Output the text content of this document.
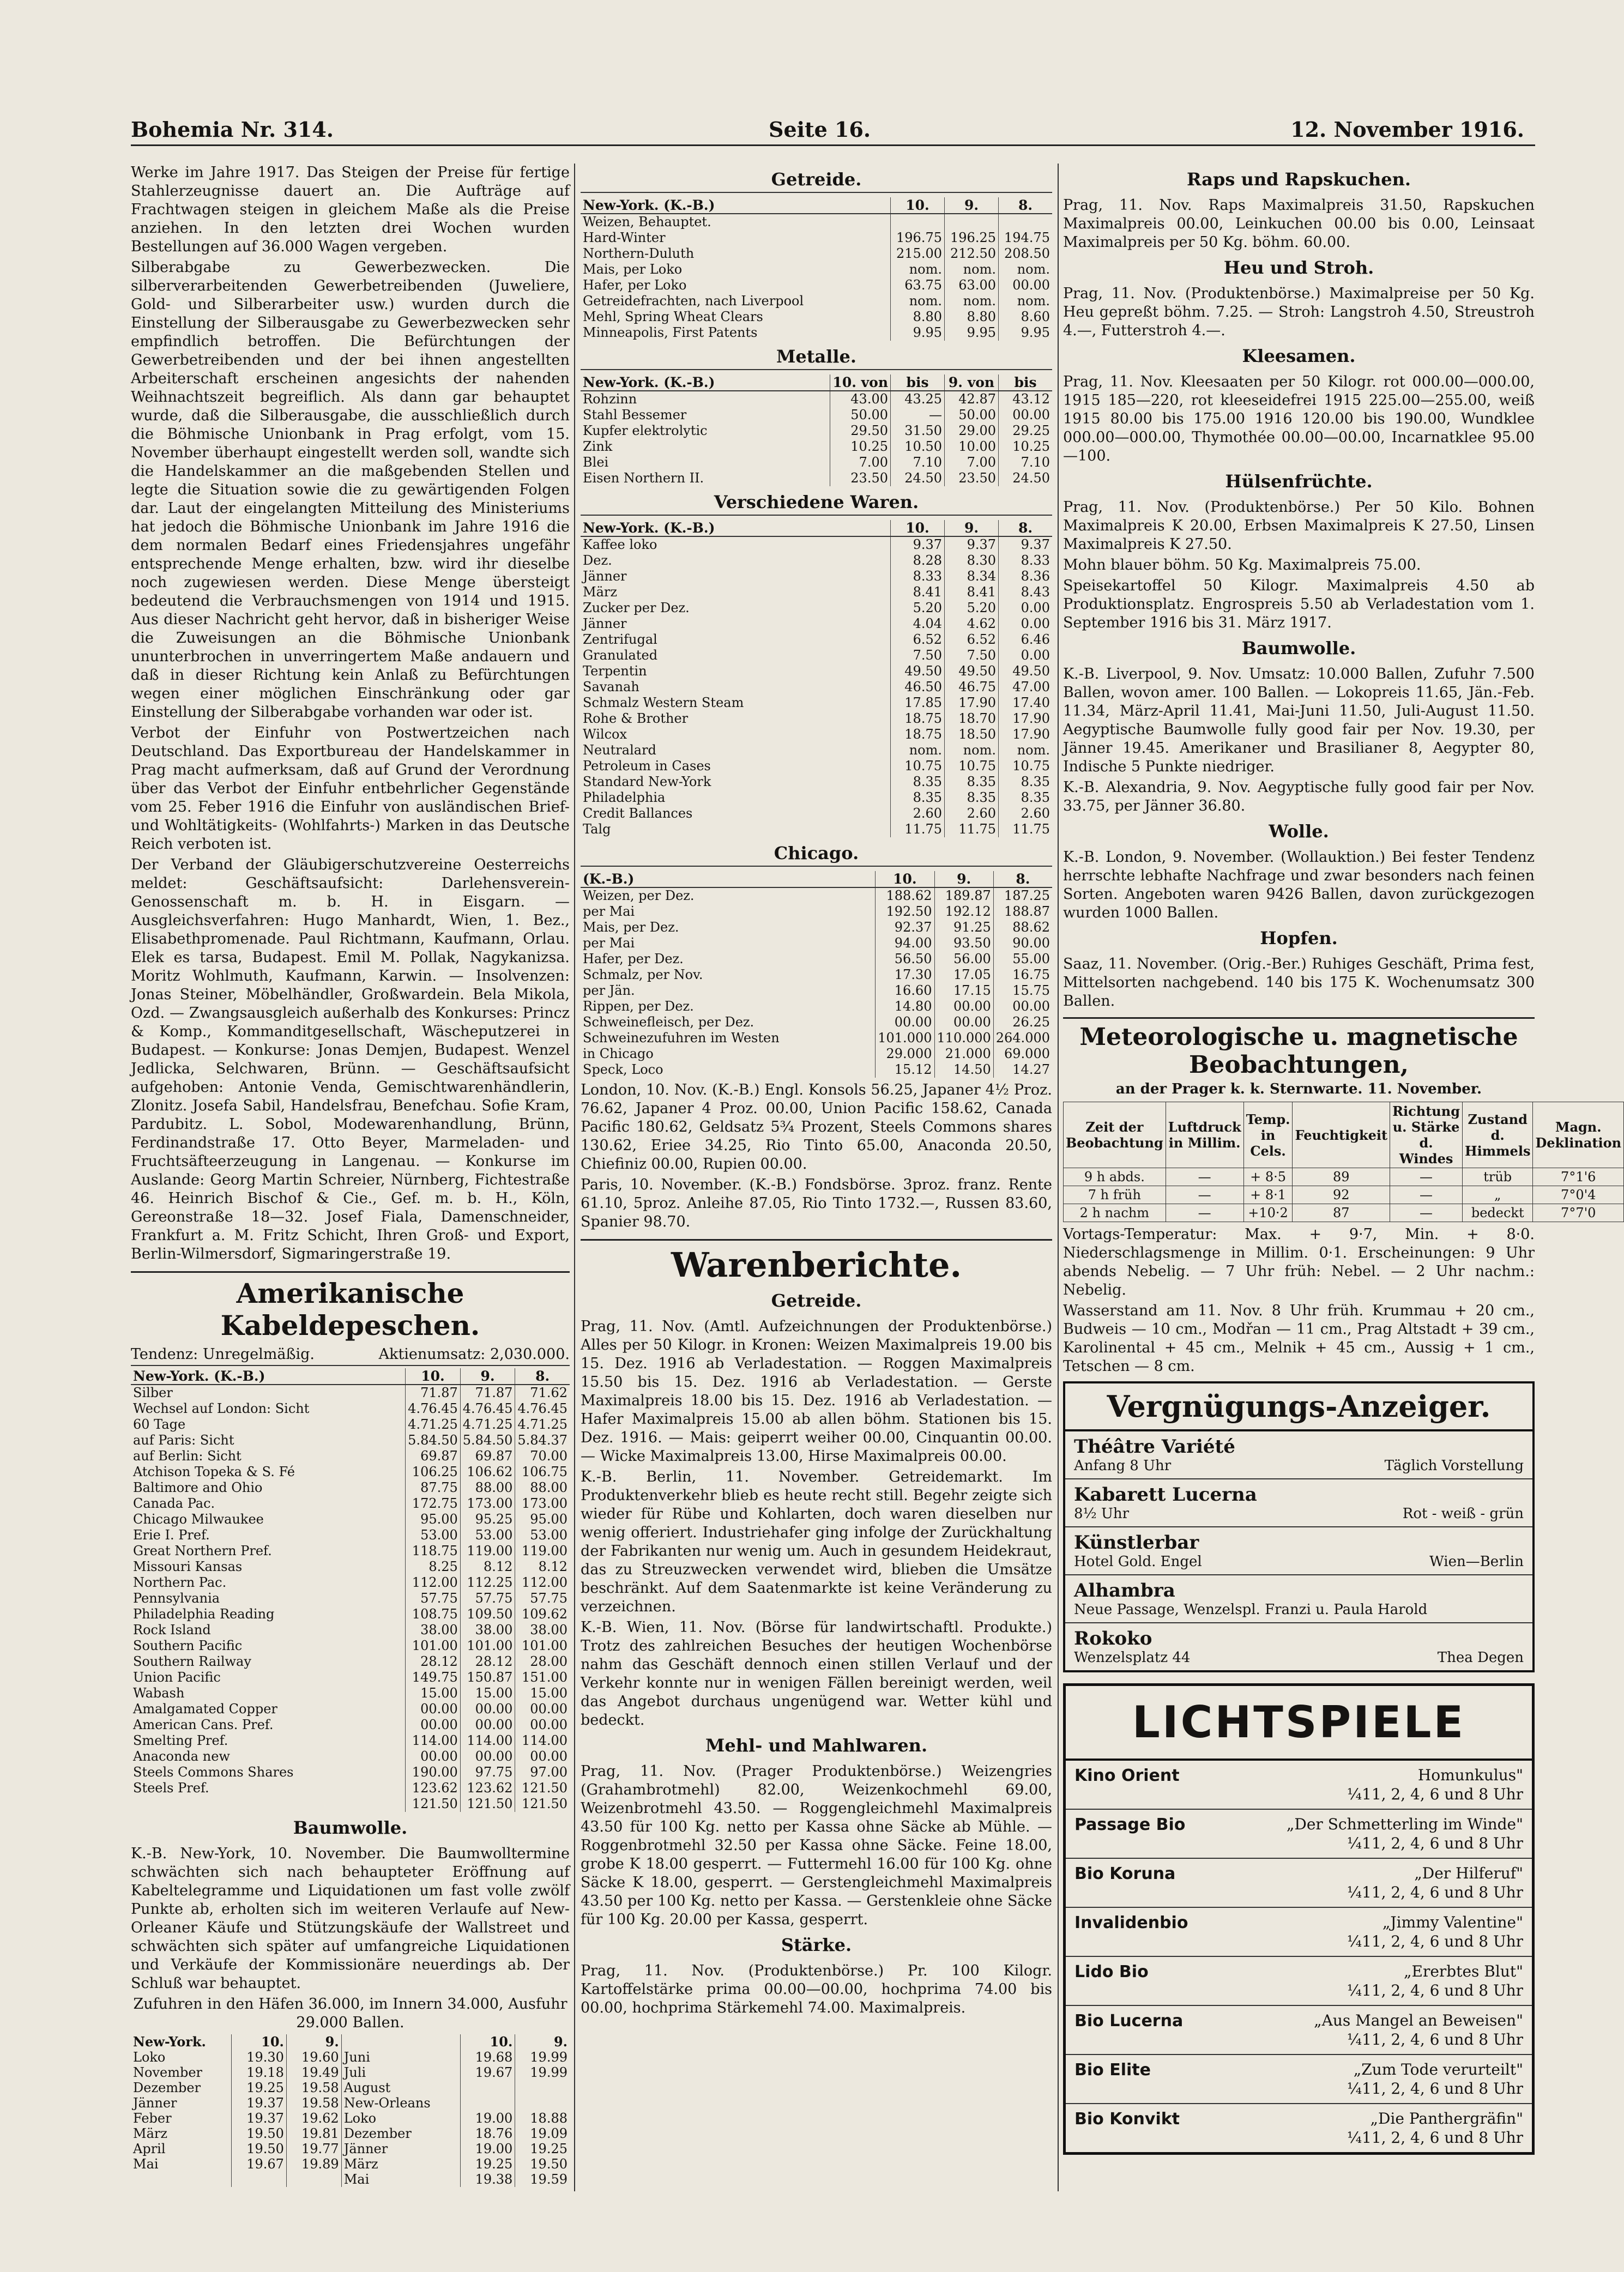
Bohemia Nr. 314.	Seite 16.	12. November 1916.

Werke im Jahre 1917. Das Steigen der Preise für fertige Stahlerzeugnisse dauert an. Die Aufträge auf Frachtwagen steigen in gleichem Maße als die Preise anziehen. In den letzten drei Wochen wurden Bestellungen auf 36.000 Wagen vergeben.

Silberabgabe zu Gewerbezwecken. Die silberverarbeitenden Gewerbetreibenden (Juweliere, Gold- und Silberarbeiter usw.) wurden durch die Einstellung der Silberausgabe zu Gewerbezwecken sehr empfindlich betroffen. Die Befürchtungen der Gewerbetreibenden und der bei ihnen angestellten Arbeiterschaft erscheinen angesichts der nahenden Weihnachtszeit begreiflich. Als dann gar behauptet wurde, daß die Silberausgabe, die ausschließlich durch die Böhmische Unionbank in Prag erfolgt, vom 15. November überhaupt eingestellt werden soll, wandte sich die Handelskammer an die maßgebenden Stellen und legte die Situation sowie die zu gewärtigenden Folgen dar. Laut der eingelangten Mitteilung des Ministeriums hat jedoch die Böhmische Unionbank im Jahre 1916 die dem normalen Bedarf eines Friedensjahres ungefähr entsprechende Menge erhalten, bzw. wird ihr dieselbe noch zugewiesen werden. Diese Menge übersteigt bedeutend die Verbrauchsmengen von 1914 und 1915. Aus dieser Nachricht geht hervor, daß in bisheriger Weise die Zuweisungen an die Böhmische Unionbank ununterbrochen in unverringertem Maße andauern und daß in dieser Richtung kein Anlaß zu Befürchtungen wegen einer möglichen Einschränkung oder gar Einstellung der Silberabgabe vorhanden war oder ist.

Verbot der Einfuhr von Postwertzeichen nach Deutschland. Das Exportbureau der Handelskammer in Prag macht aufmerksam, daß auf Grund der Verordnung über das Verbot der Einfuhr entbehrlicher Gegenstände vom 25. Feber 1916 die Einfuhr von ausländischen Brief- und Wohltätigkeits- (Wohlfahrts-) Marken in das Deutsche Reich verboten ist.

Der Verband der Gläubigerschutzvereine Oesterreichs meldet: Geschäftsaufsicht: Darlehensverein-Genossenschaft m. b. H. in Eisgarn. — Ausgleichsverfahren: Hugo Manhardt, Wien, 1. Bez., Elisabethpromenade. Paul Richtmann, Kaufmann, Orlau. Elek es tarsa, Budapest. Emil M. Pollak, Nagykanizsa. Moritz Wohlmuth, Kaufmann, Karwin. — Insolvenzen: Jonas Steiner, Möbelhändler, Großwardein. Bela Mikola, Ozd. — Zwangsausgleich außerhalb des Konkurses: Princz & Komp., Kommanditgesellschaft, Wäscheputzerei in Budapest. — Konkurse: Jonas Demjen, Budapest. Wenzel Jedlicka, Selchwaren, Brünn. — Geschäftsaufsicht aufgehoben: Antonie Venda, Gemischtwarenhändlerin, Zlonitz. Josefa Sabil, Handelsfrau, Benefchau. Sofie Kram, Pardubitz. L. Sobol, Modewarenhandlung, Brünn, Ferdinandstraße 17. Otto Beyer, Marmeladen- und Fruchtsäfteerzeugung in Langenau. — Konkurse im Auslande: Georg Martin Schreier, Nürnberg, Fichtestraße 46. Heinrich Bischof & Cie., Gef. m. b. H., Köln, Gereonstraße 18—32. Josef Fiala, Damenschneider, Frankfurt a. M. Fritz Schicht, Ihren Groß- und Export, Berlin-Wilmersdorf, Sigmaringerstraße 19.

Amerikanische Kabeldepeschen.
Tendenz: Unregelmäßig.	Aktienumsatz: 2,030.000.
New-York. (K.-B.)	10.	9.	8.
Silber	71.87	71.87	71.62
Wechsel auf London: Sicht	4.76.45	4.76.45	4.76.45
60 Tage	4.71.25	4.71.25	4.71.25
auf Paris: Sicht	5.84.50	5.84.50	5.84.37
auf Berlin: Sicht	69.87	69.87	70.00
Atchison Topeka & S. Fé	106.25	106.62	106.75
Baltimore and Ohio	87.75	88.00	88.00
Canada Pac.	172.75	173.00	173.00
Chicago Milwaukee	95.00	95.25	95.00
Erie I. Pref.	53.00	53.00	53.00
Great Northern Pref.	118.75	119.00	119.00
Missouri Kansas	8.25	8.12	8.12
Northern Pac.	112.00	112.25	112.00
Pennsylvania	57.75	57.75	57.75
Philadelphia Reading	108.75	109.50	109.62
Rock Island	38.00	38.00	38.00
Southern Pacific	101.00	101.00	101.00
Southern Railway	28.12	28.12	28.00
Union Pacific	149.75	150.87	151.00
Wabash	15.00	15.00	15.00
Amalgamated Copper	00.00	00.00	00.00
American Cans. Pref.	00.00	00.00	00.00
Smelting Pref.	114.00	114.00	114.00
Anaconda new	00.00	00.00	00.00
Steels Commons Shares	190.00	97.75	97.00
Steels Pref.	123.62	123.62	121.50
	121.50	121.50	121.50
Baumwolle.

K.-B. New-York, 10. November. Die Baumwolltermine schwächten sich nach behaupteter Eröffnung auf Kabeltelegramme und Liquidationen um fast volle zwölf Punkte ab, erholten sich im weiteren Verlaufe auf New-Orleaner Käufe und Stützungskäufe der Wallstreet und schwächten sich später auf umfangreiche Liquidationen und Verkäufe der Kommissionäre neuerdings ab. Der Schluß war behauptet.

Zufuhren in den Häfen 36.000, im Innern 34.000, Ausfuhr 29.000 Ballen.

New-York.	10.	9.		10.	9.
Loko	19.30	19.60	Juni	19.68	19.99
November	19.18	19.49	Juli	19.67	19.99
Dezember	19.25	19.58	August		
Jänner	19.37	19.58	New-Orleans		
Feber	19.37	19.62	Loko	19.00	18.88
März	19.50	19.81	Dezember	18.76	19.09
April	19.50	19.77	Jänner	19.00	19.25
Mai	19.67	19.89	März	19.25	19.50
			Mai	19.38	19.59
Getreide.
New-York. (K.-B.)	10.	9.	8.
Weizen, Behauptet.			
Hard-Winter	196.75	196.25	194.75
Northern-Duluth	215.00	212.50	208.50
Mais, per Loko	nom.	nom.	nom.
Hafer, per Loko	63.75	63.00	00.00
Getreidefrachten, nach Liverpool	nom.	nom.	nom.
Mehl, Spring Wheat Clears	8.80	8.80	8.60
Minneapolis, First Patents	9.95	9.95	9.95
Metalle.
New-York. (K.-B.)	10. von	bis	9. von	bis
Rohzinn	43.00	43.25	42.87	43.12
Stahl Bessemer	50.00	—	50.00	00.00
Kupfer elektrolytic	29.50	31.50	29.00	29.25
Zink	10.25	10.50	10.00	10.25
Blei	7.00	7.10	7.00	7.10
Eisen Northern II.	23.50	24.50	23.50	24.50
Verschiedene Waren.
New-York. (K.-B.)	10.	9.	8.
Kaffee loko	9.37	9.37	9.37
Dez.	8.28	8.30	8.33
Jänner	8.33	8.34	8.36
März	8.41	8.41	8.43
Zucker per Dez.	5.20	5.20	0.00
Jänner	4.04	4.62	0.00
Zentrifugal	6.52	6.52	6.46
Granulated	7.50	7.50	0.00
Terpentin	49.50	49.50	49.50
Savanah	46.50	46.75	47.00
Schmalz Western Steam	17.85	17.90	17.40
Rohe & Brother	18.75	18.70	17.90
Wilcox	18.75	18.50	17.90
Neutralard	nom.	nom.	nom.
Petroleum in Cases	10.75	10.75	10.75
Standard New-York	8.35	8.35	8.35
Philadelphia	8.35	8.35	8.35
Credit Ballances	2.60	2.60	2.60
Talg	11.75	11.75	11.75
Chicago.
(K.-B.)	10.	9.	8.
Weizen, per Dez.	188.62	189.87	187.25
per Mai	192.50	192.12	188.87
Mais, per Dez.	92.37	91.25	88.62
per Mai	94.00	93.50	90.00
Hafer, per Dez.	56.50	56.00	55.00
Schmalz, per Nov.	17.30	17.05	16.75
per Jän.	16.60	17.15	15.75
Rippen, per Dez.	14.80	00.00	00.00
Schweinefleisch, per Dez.	00.00	00.00	26.25
Schweinezufuhren im Westen	101.000	110.000	264.000
in Chicago	29.000	21.000	69.000
Speck, Loco	15.12	14.50	14.27

London, 10. Nov. (K.-B.) Engl. Konsols 56.25, Japaner 4½ Proz. 76.62, Japaner 4 Proz. 00.00, Union Pacific 158.62, Canada Pacific 180.62, Geldsatz 5¾ Prozent, Steels Commons shares 130.62, Eriee 34.25, Rio Tinto 65.00, Anaconda 20.50, Chiefiniz 00.00, Rupien 00.00.

Paris, 10. November. (K.-B.) Fondsbörse. 3proz. franz. Rente 61.10, 5proz. Anleihe 87.05, Rio Tinto 1732.—, Russen 83.60, Spanier 98.70.

Warenberichte.
Getreide.

Prag, 11. Nov. (Amtl. Aufzeichnungen der Produktenbörse.) Alles per 50 Kilogr. in Kronen: Weizen Maximalpreis 19.00 bis 15. Dez. 1916 ab Verladestation. — Roggen Maximalpreis 15.50 bis 15. Dez. 1916 ab Verladestation. — Gerste Maximalpreis 18.00 bis 15. Dez. 1916 ab Verladestation. — Hafer Maximalpreis 15.00 ab allen böhm. Stationen bis 15. Dez. 1916. — Mais: geiperrt weiher 00.00, Cinquantin 00.00. — Wicke Maximalpreis 13.00, Hirse Maximalpreis 00.00.

K.-B. Berlin, 11. November. Getreidemarkt. Im Produktenverkehr blieb es heute recht still. Begehr zeigte sich wieder für Rübe und Kohlarten, doch waren dieselben nur wenig offeriert. Industriehafer ging infolge der Zurückhaltung der Fabrikanten nur wenig um. Auch in gesundem Heidekraut, das zu Streuzwecken verwendet wird, blieben die Umsätze beschränkt. Auf dem Saatenmarkte ist keine Veränderung zu verzeichnen.

K.-B. Wien, 11. Nov. (Börse für landwirtschaftl. Produkte.) Trotz des zahlreichen Besuches der heutigen Wochenbörse nahm das Geschäft dennoch einen stillen Verlauf und der Verkehr konnte nur in wenigen Fällen bereinigt werden, weil das Angebot durchaus ungenügend war. Wetter kühl und bedeckt.

Mehl- und Mahlwaren.

Prag, 11. Nov. (Prager Produktenbörse.) Weizengries (Grahambrotmehl) 82.00, Weizenkochmehl 69.00, Weizenbrotmehl 43.50. — Roggengleichmehl Maximalpreis 43.50 für 100 Kg. netto per Kassa ohne Säcke ab Mühle. — Roggenbrotmehl 32.50 per Kassa ohne Säcke. Feine 18.00, grobe K 18.00 gesperrt. — Futtermehl 16.00 für 100 Kg. ohne Säcke K 18.00, gesperrt. — Gerstengleichmehl Maximalpreis 43.50 per 100 Kg. netto per Kassa. — Gerstenkleie ohne Säcke für 100 Kg. 20.00 per Kassa, gesperrt.

Stärke.

Prag, 11. Nov. (Produktenbörse.) Pr. 100 Kilogr. Kartoffelstärke prima 00.00—00.00, hochprima 74.00 bis 00.00, hochprima Stärkemehl 74.00. Maximalpreis.

Raps und Rapskuchen.

Prag, 11. Nov. Raps Maximalpreis 31.50, Rapskuchen Maximalpreis 00.00, Leinkuchen 00.00 bis 0.00, Leinsaat Maximalpreis per 50 Kg. böhm. 60.00.

Heu und Stroh.

Prag, 11. Nov. (Produktenbörse.) Maximalpreise per 50 Kg. Heu gepreßt böhm. 7.25. — Stroh: Langstroh 4.50, Streustroh 4.—, Futterstroh 4.—.

Kleesamen.

Prag, 11. Nov. Kleesaaten per 50 Kilogr. rot 000.00—000.00, 1915 185—220, rot kleeseidefrei 1915 225.00—255.00, weiß 1915 80.00 bis 175.00 1916 120.00 bis 190.00, Wundklee 000.00—000.00, Thymothée 00.00—00.00, Incarnatklee 95.00—100.

Hülsenfrüchte.

Prag, 11. Nov. (Produktenbörse.) Per 50 Kilo. Bohnen Maximalpreis K 20.00, Erbsen Maximalpreis K 27.50, Linsen Maximalpreis K 27.50.

Mohn blauer böhm. 50 Kg. Maximalpreis 75.00.

Speisekartoffel 50 Kilogr. Maximalpreis 4.50 ab Produktionsplatz. Engrospreis 5.50 ab Verladestation vom 1. September 1916 bis 31. März 1917.

Baumwolle.

K.-B. Liverpool, 9. Nov. Umsatz: 10.000 Ballen, Zufuhr 7.500 Ballen, wovon amer. 100 Ballen. — Lokopreis 11.65, Jän.-Feb. 11.34, März-April 11.41, Mai-Juni 11.50, Juli-August 11.50. Aegyptische Baumwolle fully good fair per Nov. 19.30, per Jänner 19.45. Amerikaner und Brasilianer 8, Aegypter 80, Indische 5 Punkte niedriger.

K.-B. Alexandria, 9. Nov. Aegyptische fully good fair per Nov. 33.75, per Jänner 36.80.

Wolle.

K.-B. London, 9. November. (Wollauktion.) Bei fester Tendenz herrschte lebhafte Nachfrage und zwar besonders nach feinen Sorten. Angeboten waren 9426 Ballen, davon zurückgezogen wurden 1000 Ballen.

Hopfen.

Saaz, 11. November. (Orig.-Ber.) Ruhiges Geschäft, Prima fest, Mittelsorten nachgebend. 140 bis 175 K. Wochenumsatz 300 Ballen.

Meteorologische u. magnetische Beobachtungen,
an der Prager k. k. Sternwarte. 11. November.
Zeit der Beobachtung	Luftdruck in Millim.	Temp. in Cels.	Feuchtigkeit	Richtung u. Stärke d. Windes	Zustand d. Himmels	Magn. Deklination
9 h abds.	—	+ 8·5	89	—	trüb	7°1'6
7 h früh	—	+ 8·1	92	—	„	7°0'4
2 h nachm	—	+10·2	87	—	bedeckt	7°7'0

Vortags-Temperatur: Max. + 9·7, Min. + 8·0. Niederschlagsmenge in Millim. 0·1. Erscheinungen: 9 Uhr abends Nebelig. — 7 Uhr früh: Nebel. — 2 Uhr nachm.: Nebelig.

Wasserstand am 11. Nov. 8 Uhr früh. Krummau + 20 cm., Budweis — 10 cm., Modřan — 11 cm., Prag Altstadt + 39 cm., Karolinental + 45 cm., Melnik + 45 cm., Aussig + 1 cm., Tetschen — 8 cm.

Vergnügungs-Anzeiger.
Théâtre Variété
Anfang 8 Uhr	Täglich Vorstellung
Kabarett Lucerna
8½ Uhr	Rot - weiß - grün
Künstlerbar
Hotel Gold. Engel	Wien—Berlin
Alhambra
Neue Passage, Wenzelspl. Franzi u. Paula Harold
Rokoko
Wenzelsplatz 44	Thea Degen
LICHTSPIELE
Kino Orient	Homunkulus"
¼11, 2, 4, 6 und 8 Uhr
Passage Bio	„Der Schmetterling im Winde"
¼11, 2, 4, 6 und 8 Uhr
Bio Koruna	„Der Hilferuf"
¼11, 2, 4, 6 und 8 Uhr
Invalidenbio	„Jimmy Valentine"
¼11, 2, 4, 6 und 8 Uhr
Lido Bio	„Ererbtes Blut"
¼11, 2, 4, 6 und 8 Uhr
Bio Lucerna	„Aus Mangel an Beweisen"
¼11, 2, 4, 6 und 8 Uhr
Bio Elite	„Zum Tode verurteilt"
¼11, 2, 4, 6 und 8 Uhr
Bio Konvikt	„Die Panthergräfin"
¼11, 2, 4, 6 und 8 Uhr
